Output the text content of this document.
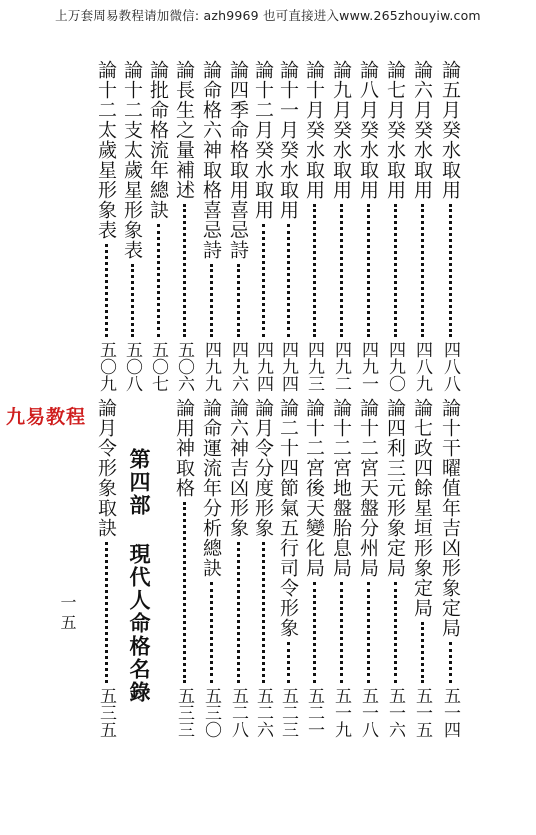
上万套周易教程请加微信: azh9969 也可直接进入www.265zhouyiw.com
九易教程
論五月癸水取用
四八八
論六月癸水取用
四八九
論七月癸水取用
四九〇
論八月癸水取用
四九一
論九月癸水取用
四九二
論十月癸水取用
四九三
論十一月癸水取用
四九四
論十二月癸水取用
四九四
論四季命格取用喜忌詩
四九六
論命格六神取格喜忌詩
四九九
論長生之量補述
五〇六
論批命格流年總訣
五〇七
論十二支太歲星形象表
五〇八
論十二太歲星形象表
五〇九
論十干曜值年吉凶形象定局
五一四
論七政四餘星垣形象定局
五一五
論四利三元形象定局
五一六
論十二宮天盤分州局
五一八
論十二宮地盤胎息局
五一九
論十二宮後天變化局
五二一
論二十四節氣五行司令形象
五二三
論月令分度形象
五二六
論六神吉凶形象
五二八
論命運流年分析總訣
五三〇
論用神取格
五三三
論月令形象取訣
五三五
第四部
現代人命格名錄
一五
